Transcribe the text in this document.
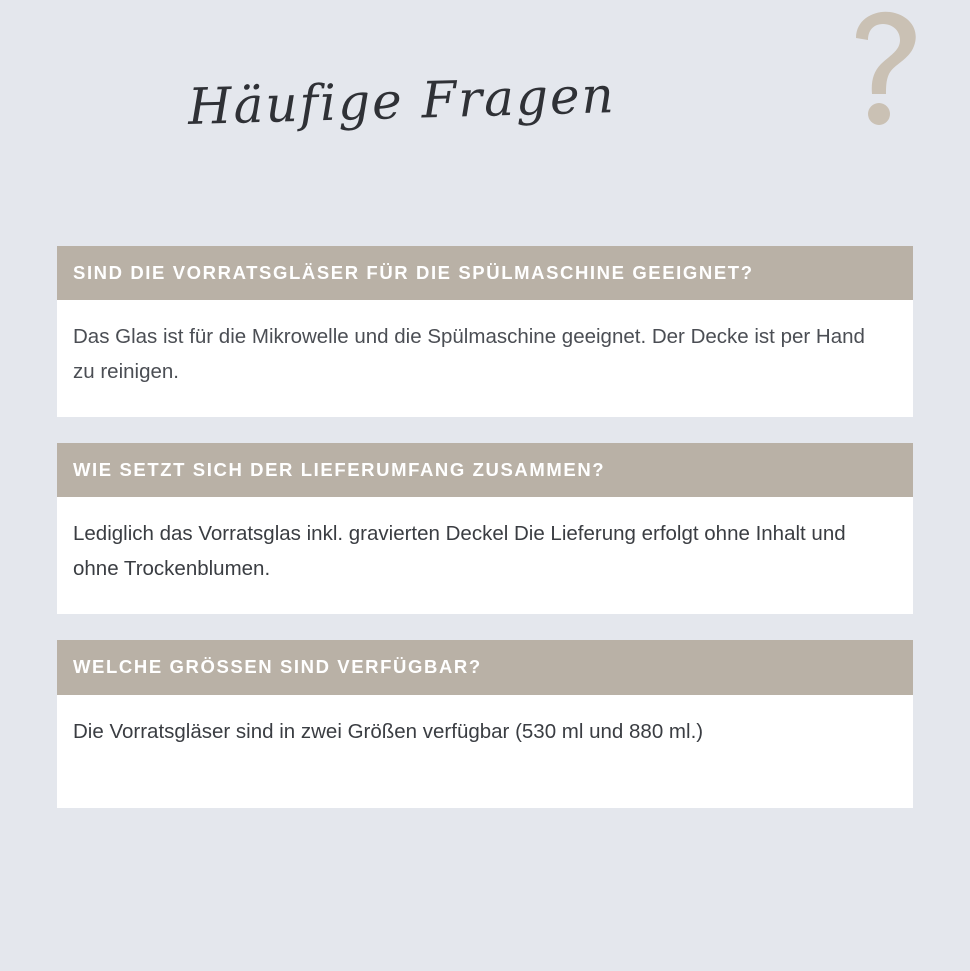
Häufige Fragen
SIND DIE VORRATSGLÄSER FÜR DIE SPÜLMASCHINE GEEIGNET?
Das Glas ist für die Mikrowelle und die Spülmaschine geeignet. Der Decke ist per Hand zu reinigen.
WIE SETZT SICH DER LIEFERUMFANG ZUSAMMEN?
Lediglich das Vorratsglas inkl. gravierten Deckel Die Lieferung erfolgt ohne Inhalt und ohne Trockenblumen.
WELCHE GRÖSSEN SIND VERFÜGBAR?
Die Vorratsgläser sind in zwei Größen verfügbar (530 ml und 880 ml.)
